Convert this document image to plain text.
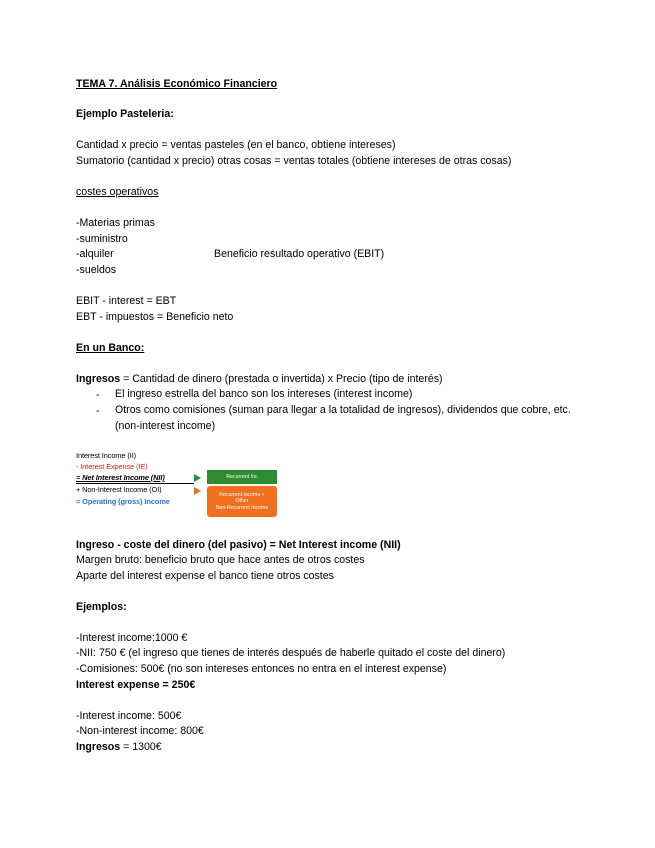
TEMA 7. Análisis Económico Financiero
Ejemplo Pasteleria:
Cantidad x precio = ventas pasteles (en el banco, obtiene intereses)
Sumatorio (cantidad x precio) otras cosas = ventas totales (obtiene intereses de otras cosas)
costes operativos
-Materias primas
-suministro
-alquiler	Beneficio resultado operativo (EBIT)
-sueldos
EBIT - interest = EBT
EBT - impuestos = Beneficio neto
En un Banco:
Ingresos = Cantidad de dinero (prestada o invertida) x Precio (tipo de interés)
- El ingreso estrella del banco son los intereses (interest income)
- Otros como comisiones (suman para llegar a la totalidad de ingresos), dividendos que cobre, etc. (non-interest income)
Interest Income (II)
- Interest Expense (IE)
= Net Interest Income (NII)
+ Non-Interest Income (OI)
= Operating (gross) Income
Recurrent Inc
Recurrent income +
Other
Non-Recurrent Income
Ingreso - coste del dinero (del pasivo) = Net Interest income (NII)
Margen bruto: beneficio bruto que hace antes de otros costes
Aparte del interest expense el banco tiene otros costes
Ejemplos:
-Interest income:1000 €
-NII: 750 € (el ingreso que tienes de interés después de haberle quitado el coste del dinero)
-Comisiones: 500€ (no son intereses entonces no entra en el interest expense)
Interest expense = 250€
-Interest income: 500€
-Non-interest income: 800€
Ingresos = 1300€
